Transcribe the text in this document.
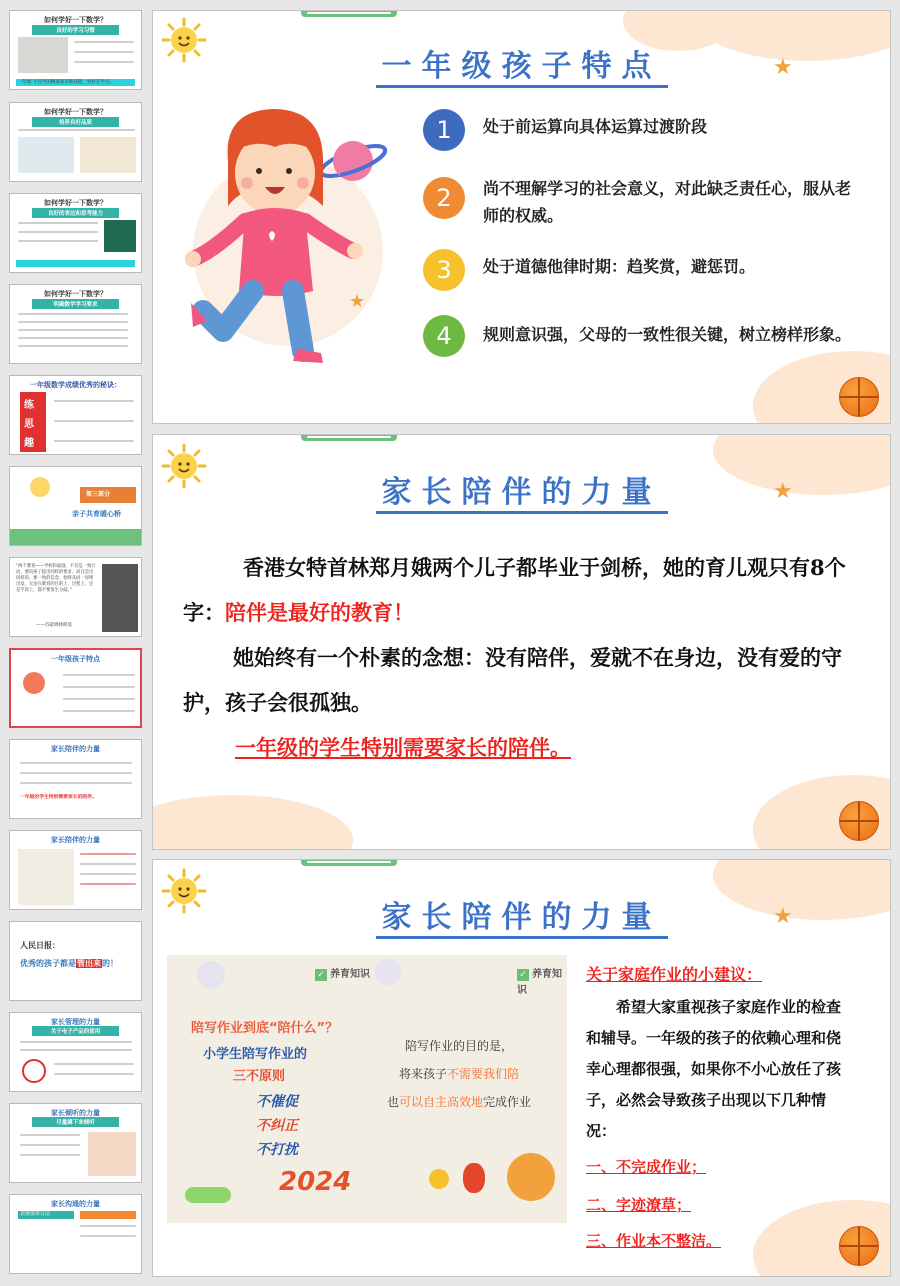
如何学好一下数学？
良好的学习习惯
一年级 不仅学的精准知识和技能，更好在学习。
如何学好一下数学？
培养良好品质
如何学好一下数学？
良好的表达和思考能力
如何学好一下数学？
明确数学学习要求
一年级数学成绩优秀的秘诀：
练
思
趣
第三部分
亲子共育暖心桥
“两个教育——学校和家庭。不仅是一致行动、要向孩子提出同样的要求，而且是出同样的、要一致的信念、始终从同一原则出发，无论在教育的目的上、过程上、还是手段上，都不要发生分歧。”
——苏霍姆林斯基
一年级孩子特点
家长陪伴的力量
一年级的学生特别需要家长的陪伴。
家长陪伴的力量
人民日报：
优秀的孩子都是管出来的！
家长管理的力量
关于电子产品的使用
家长倾听的力量
尽量蹲下来倾听
家长沟通的力量
表扬要讲方法
★
一年级孩子特点
1	处于前运算向具体运算过渡阶段
2	尚不理解学习的社会意义，对此缺乏责任心，服从老师的权威。
3	处于道德他律时期：趋奖赏，避惩罚。
4	规则意识强，父母的一致性很关键，树立榜样形象。
★
★
家长陪伴的力量
香港女特首林郑月娥两个儿子都毕业于剑桥，她的育儿观只有8个字：陪伴是最好的教育！
她始终有一个朴素的念想：没有陪伴，爱就不在身边，没有爱的守护，孩子会很孤独。
一年级的学生特别需要家长的陪伴。
★
家长陪伴的力量
✓ 养育知识	✓ 养育知识
陪写作业到底“陪什么”？
小学生陪写作业的
三不原则
不催促
不纠正
不打扰
陪写作业的目的是，
将来孩子不需要我们陪
也可以自主高效地完成作业
2024
关于家庭作业的小建议：
希望大家重视孩子家庭作业的检查和辅导。一年级的孩子的依赖心理和侥幸心理都很强，如果你不小心放任了孩子，必然会导致孩子出现以下几种情况：
一、不完成作业；
二、字迹潦草；
三、作业本不整洁。
